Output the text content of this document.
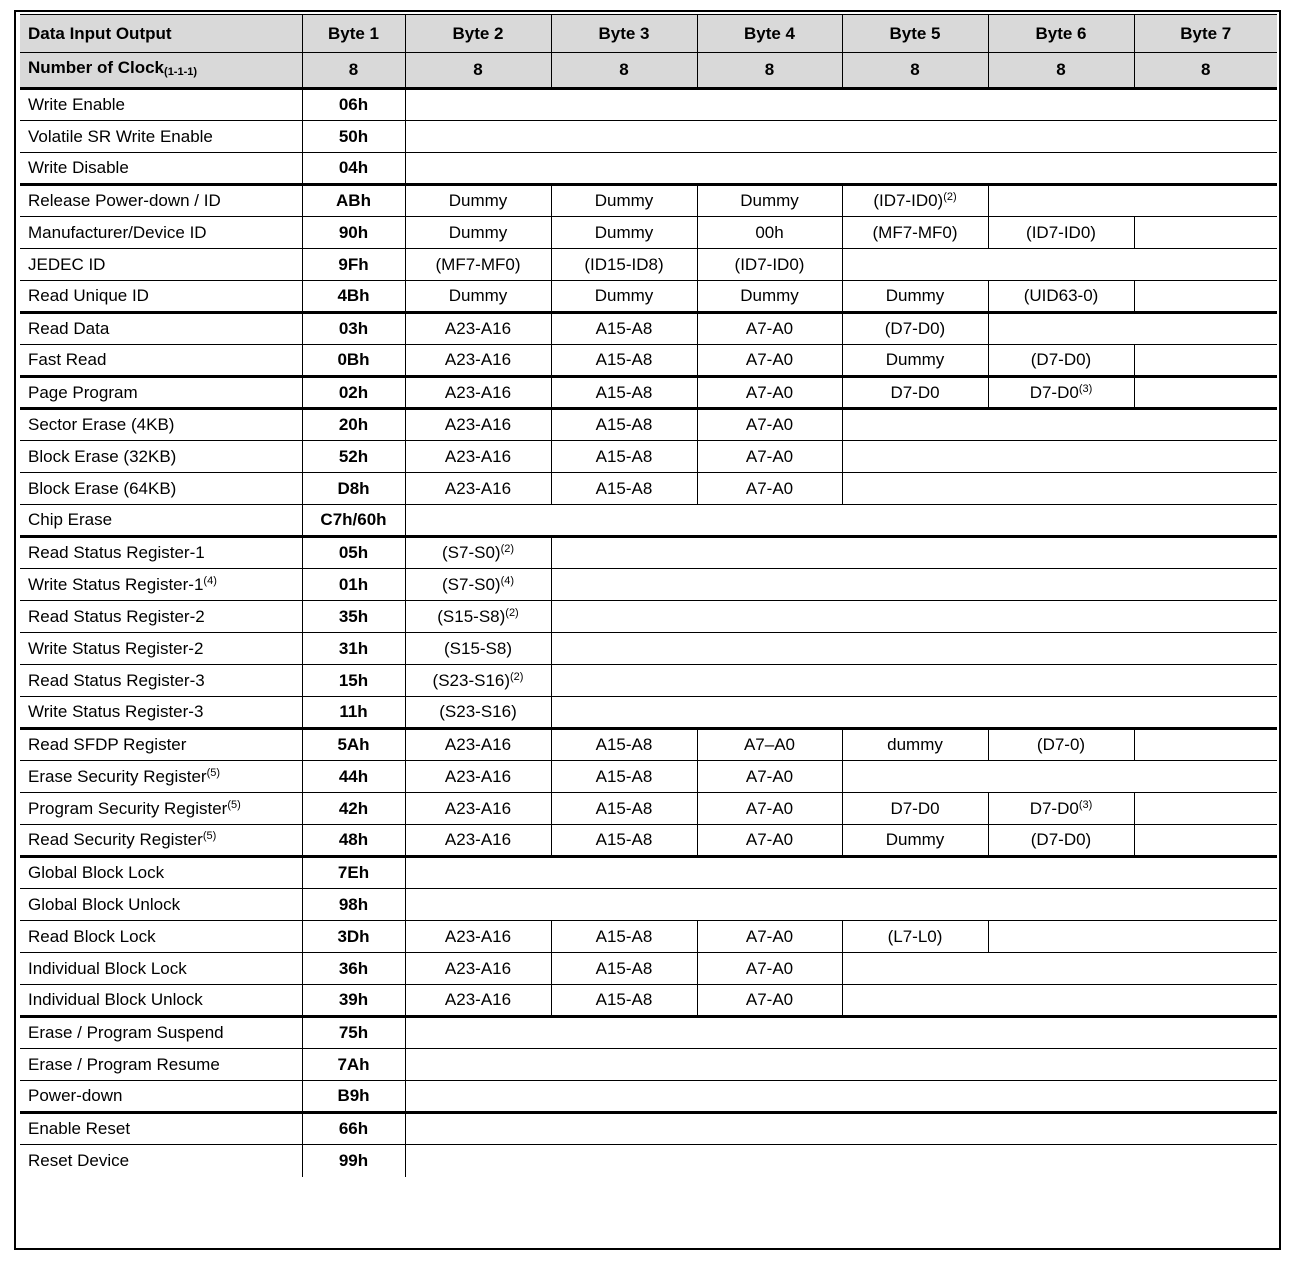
Data Input Output	Byte 1	Byte 2	Byte 3	Byte 4	Byte 5	Byte 6	Byte 7
Number of Clock(1-1-1)	8	8	8	8	8	8	8
Write Enable	06h						
Volatile SR Write Enable	50h						
Write Disable	04h						
Release Power-down / ID	ABh	Dummy	Dummy	Dummy	$(ID7-ID0)^{(2)}$	
Manufacturer/Device ID	90h	Dummy	Dummy	00h	(MF7-MF0)	(ID7-ID0)	
JEDEC ID	9Fh	(MF7-MF0)	(ID15-ID8)	(ID7-ID0)			
Read Unique ID	4Bh	Dummy	Dummy	Dummy	Dummy	(UID63-0)	
Read Data	03h	A23-A16	A15-A8	A7-A0	(D7-D0)		
Fast Read	0Bh	A23-A16	A15-A8	A7-A0	Dummy	(D7-D0)	
Page Program	02h	A23-A16	A15-A8	A7-A0	D7-D0	D7-D0$^{(3)}$	
Sector Erase (4KB)	20h	A23-A16	A15-A8	A7-A0			
Block Erase (32KB)	52h	A23-A16	A15-A8	A7-A0			
Block Erase (64KB)	D8h	A23-A16	A15-A8	A7-A0			
Chip Erase	C7h/60h						
Read Status Register-1	05h	$(S7-S0)^{(2)}$	
Write Status Register-1$^{(4)}$	01h	$(S7-S0)^{(4)}$	
Read Status Register-2	35h	$(S15-S8)^{(2)}$	
Write Status Register-2	31h	(S15-S8)					
Read Status Register-3	15h	$(S23-S16)^{(2)}$	
Write Status Register-3	11h	(S23-S16)					
Read SFDP Register	5Ah	A23-A16	A15-A8	A7–A0	dummy	(D7-0)	
Erase Security Register$^{(5)}$	44h	A23-A16	A15-A8	A7-A0			
Program Security Register$^{(5)}$	42h	A23-A16	A15-A8	A7-A0	D7-D0	D7-D0$^{(3)}$	
Read Security Register$^{(5)}$	48h	A23-A16	A15-A8	A7-A0	Dummy	(D7-D0)	
Global Block Lock	7Eh						
Global Block Unlock	98h						
Read Block Lock	3Dh	A23-A16	A15-A8	A7-A0	(L7-L0)		
Individual Block Lock	36h	A23-A16	A15-A8	A7-A0			
Individual Block Unlock	39h	A23-A16	A15-A8	A7-A0			
Erase / Program Suspend	75h						
Erase / Program Resume	7Ah						
Power-down	B9h						
Enable Reset	66h						
Reset Device	99h						
